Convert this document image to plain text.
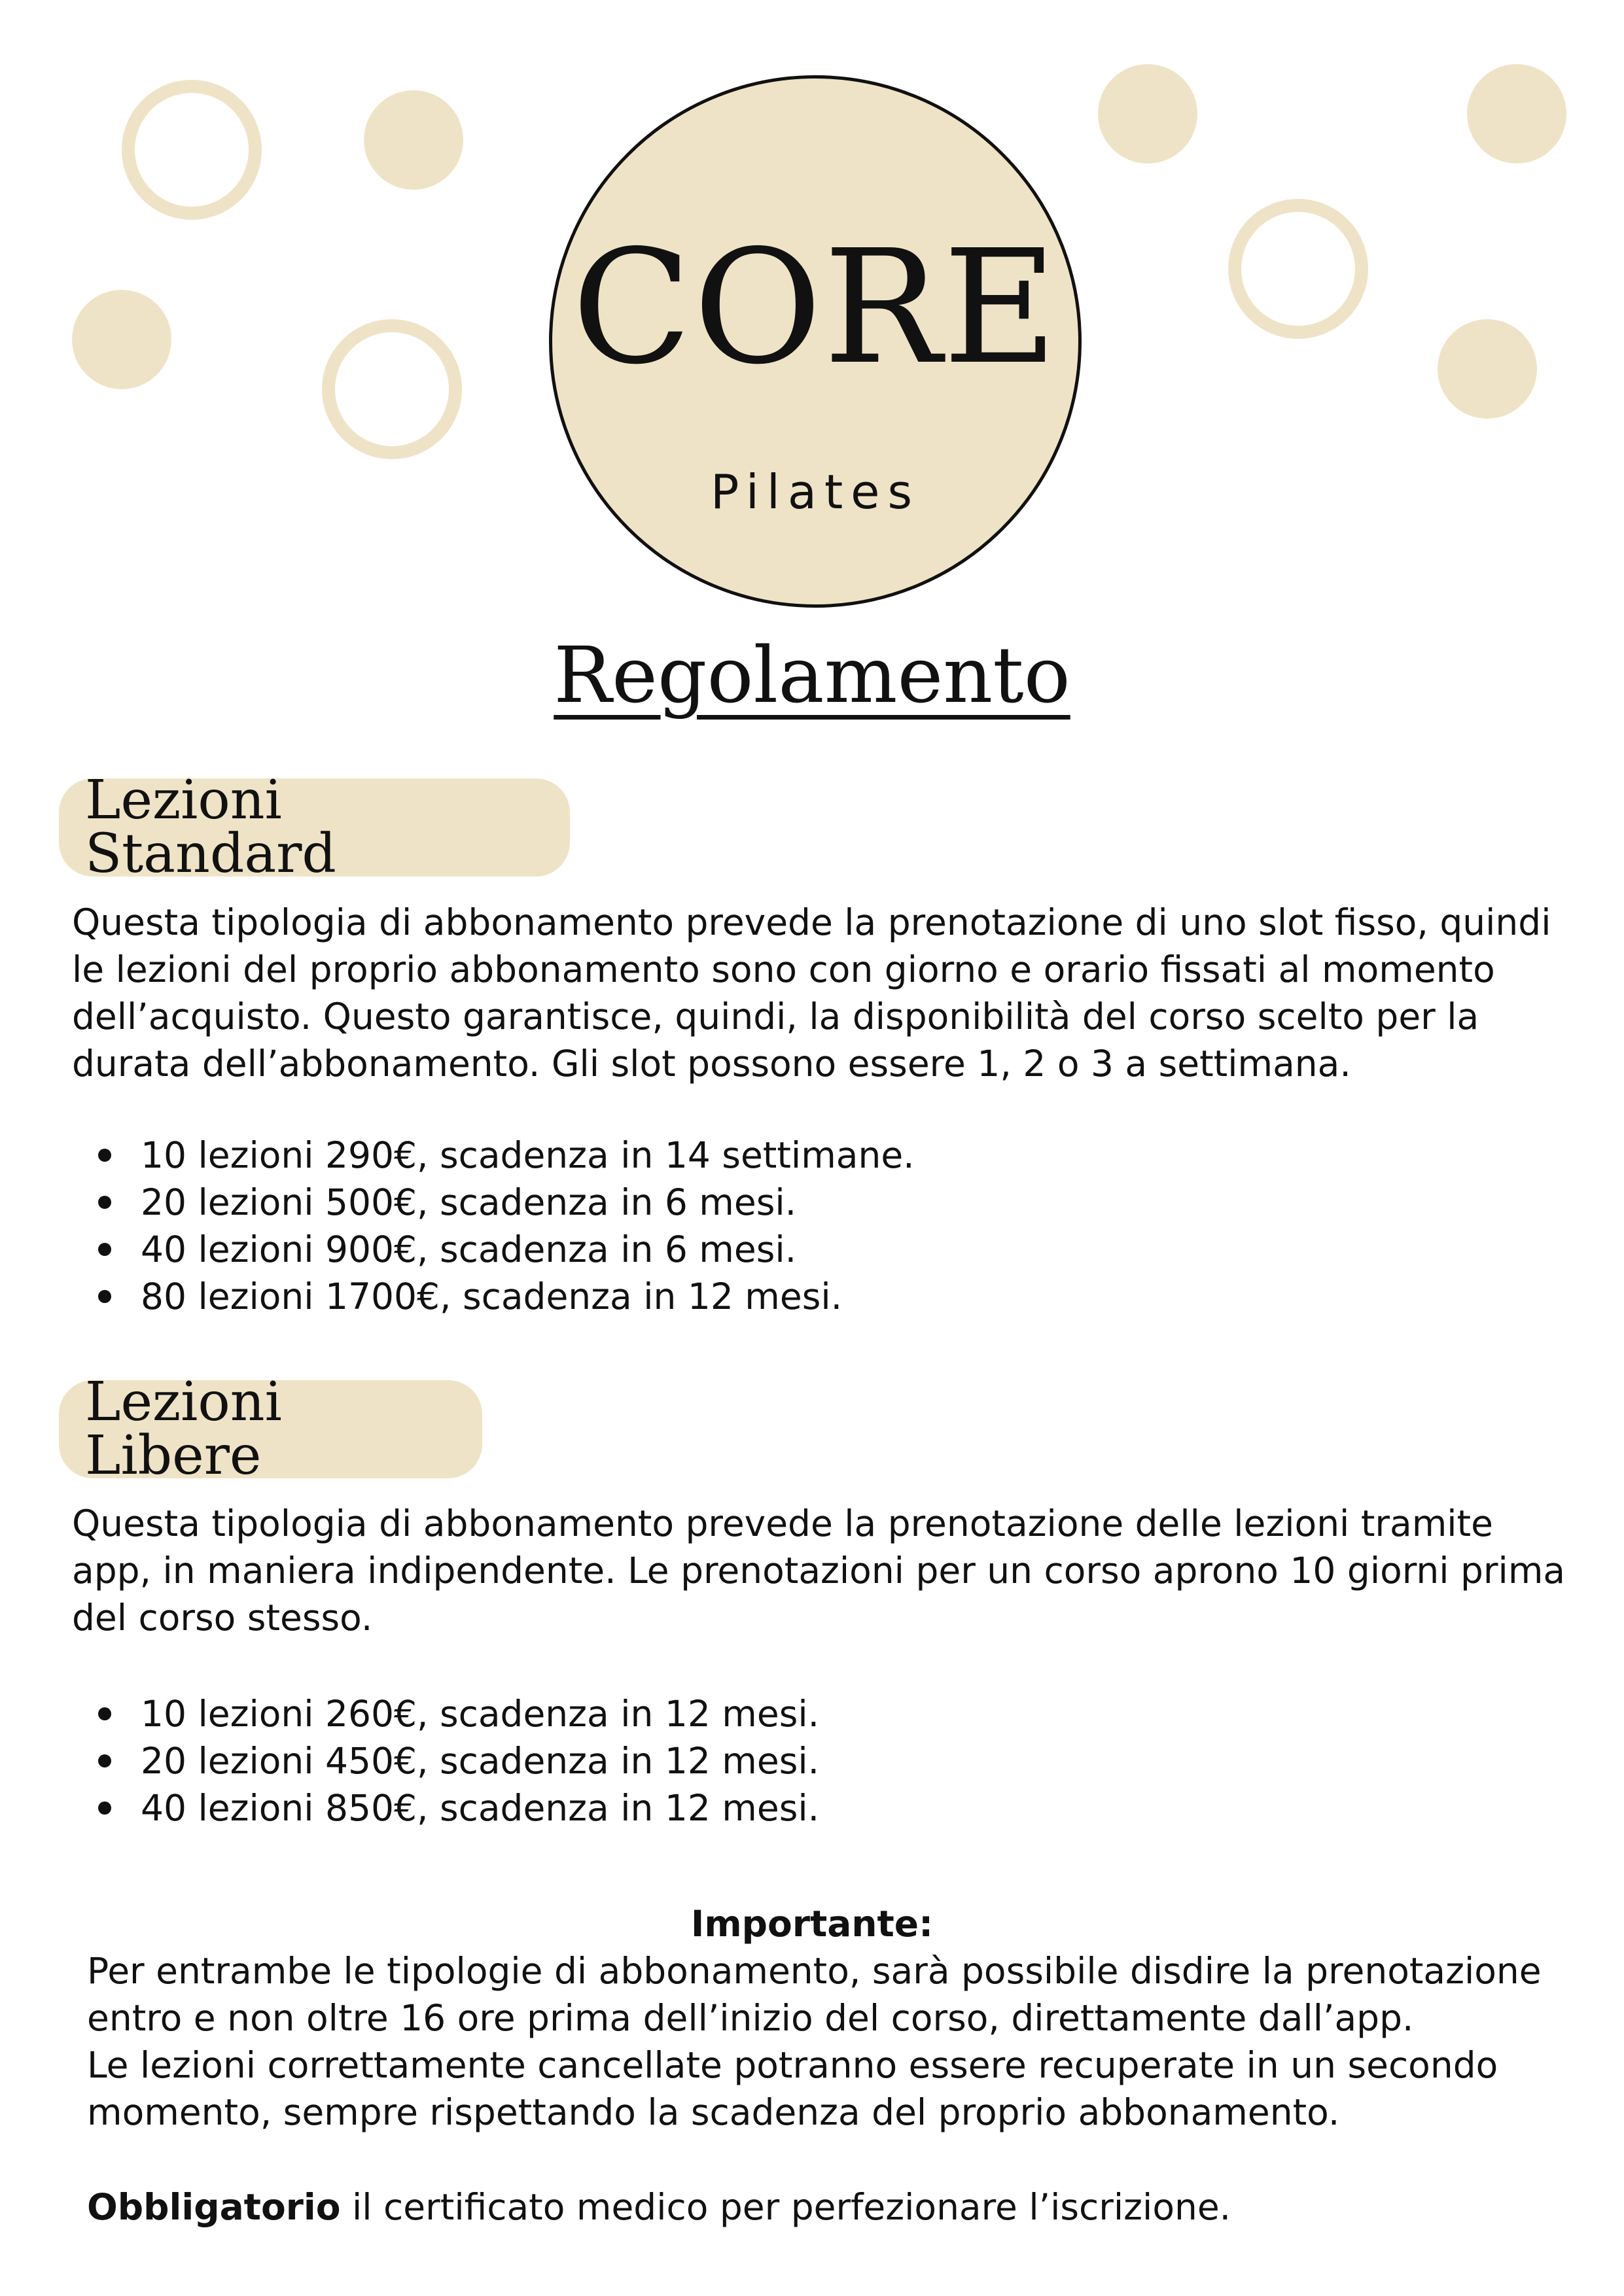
CORE
Pilates
Regolamento
Lezioni Standard
Questa tipologia di abbonamento prevede la prenotazione di uno slot fisso, quindi
le lezioni del proprio abbonamento sono con giorno e orario fissati al momento
dell’acquisto. Questo garantisce, quindi, la disponibilità del corso scelto per la
durata dell’abbonamento. Gli slot possono essere 1, 2 o 3 a settimana.
10 lezioni 290€, scadenza in 14 settimane.
20 lezioni 500€, scadenza in 6 mesi.
40 lezioni 900€, scadenza in 6 mesi.
80 lezioni 1700€, scadenza in 12 mesi.
Lezioni Libere
Questa tipologia di abbonamento prevede la prenotazione delle lezioni tramite
app, in maniera indipendente. Le prenotazioni per un corso aprono 10 giorni prima
del corso stesso.
10 lezioni 260€, scadenza in 12 mesi.
20 lezioni 450€, scadenza in 12 mesi.
40 lezioni 850€, scadenza in 12 mesi.
Importante:
Per entrambe le tipologie di abbonamento, sarà possibile disdire la prenotazione
entro e non oltre 16 ore prima dell’inizio del corso, direttamente dall’app.
Le lezioni correttamente cancellate potranno essere recuperate in un secondo
momento, sempre rispettando la scadenza del proprio abbonamento.
Obbligatorio il certificato medico per perfezionare l’iscrizione.
